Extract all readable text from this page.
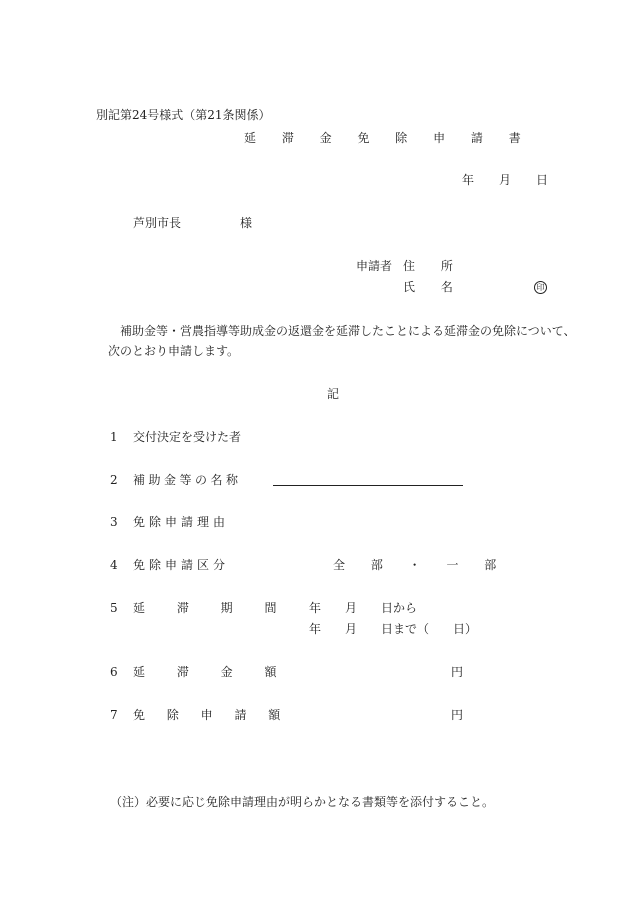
別記第24号様式（第21条関係）
延 滞 金 免 除 申 請 書
年 月 日
芦別市長	様
申請者 住 所
氏 名	印
補助金等・営農指導等助成金の返還金を延滞したことによる延滞金の免除について、
次のとおり申請します。
記
1 交付決定を受けた者
2 補助金等の名称
3 免除申請理由
4 免除申請区分	全 部 ・ 一 部
5 延 滞 期 間 年 月 日から
年 月 日まで（ 日）
6 延 滞 金 額	円
7 免 除 申 請 額	円
（注）必要に応じ免除申請理由が明らかとなる書類等を添付すること。
